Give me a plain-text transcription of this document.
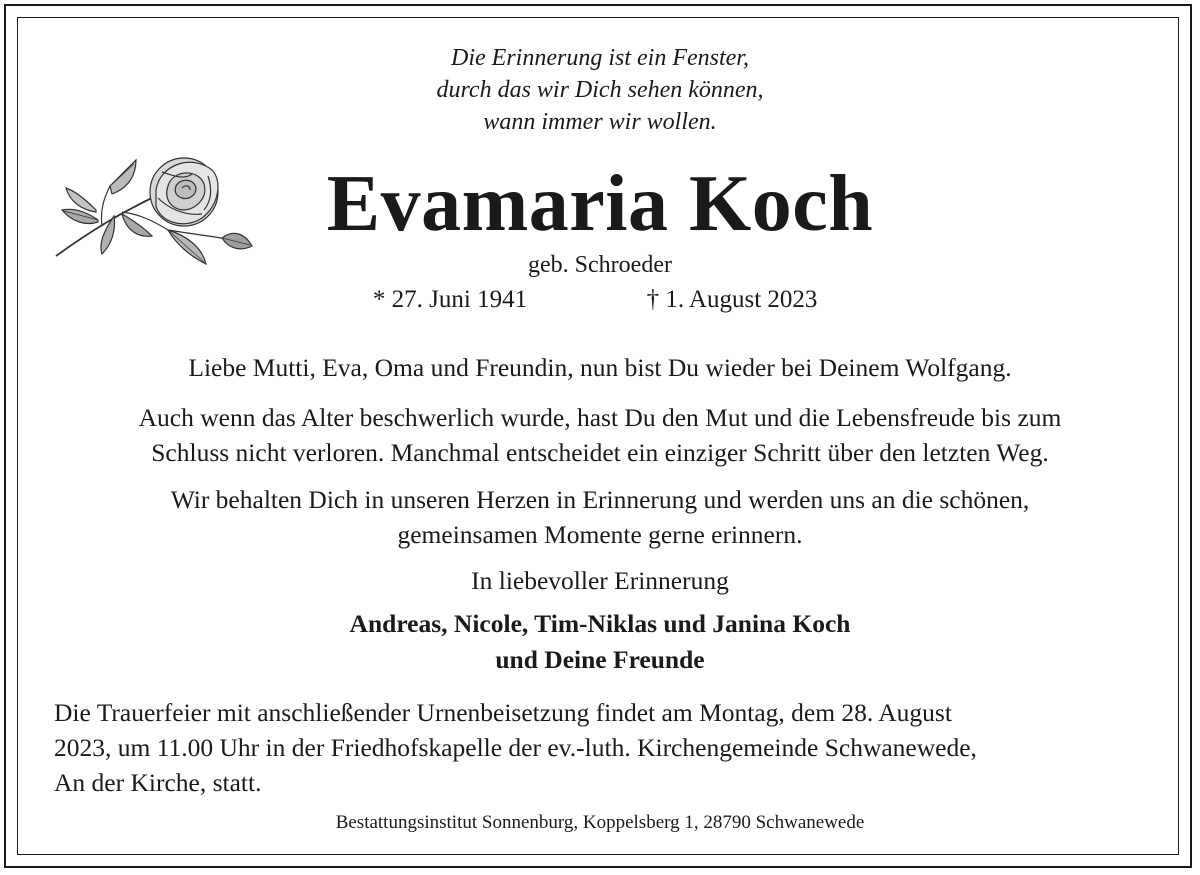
Die Erinnerung ist ein Fenster,
durch das wir Dich sehen können,
wann immer wir wollen.
Evamaria Koch
geb. Schroeder
* 27. Juni 1941	† 1. August 2023
Liebe Mutti, Eva, Oma und Freundin, nun bist Du wieder bei Deinem Wolfgang.
Auch wenn das Alter beschwerlich wurde, hast Du den Mut und die Lebensfreude bis zum
Schluss nicht verloren. Manchmal entscheidet ein einziger Schritt über den letzten Weg.
Wir behalten Dich in unseren Herzen in Erinnerung und werden uns an die schönen,
gemeinsamen Momente gerne erinnern.
In liebevoller Erinnerung
Andreas, Nicole, Tim-Niklas und Janina Koch
und Deine Freunde
Die Trauerfeier mit anschließender Urnenbeisetzung findet am Montag, dem 28. August
2023, um 11.00 Uhr in der Friedhofskapelle der ev.-luth. Kirchengemeinde Schwanewede,
An der Kirche, statt.
Bestattungsinstitut Sonnenburg, Koppelsberg 1, 28790 Schwanewede
